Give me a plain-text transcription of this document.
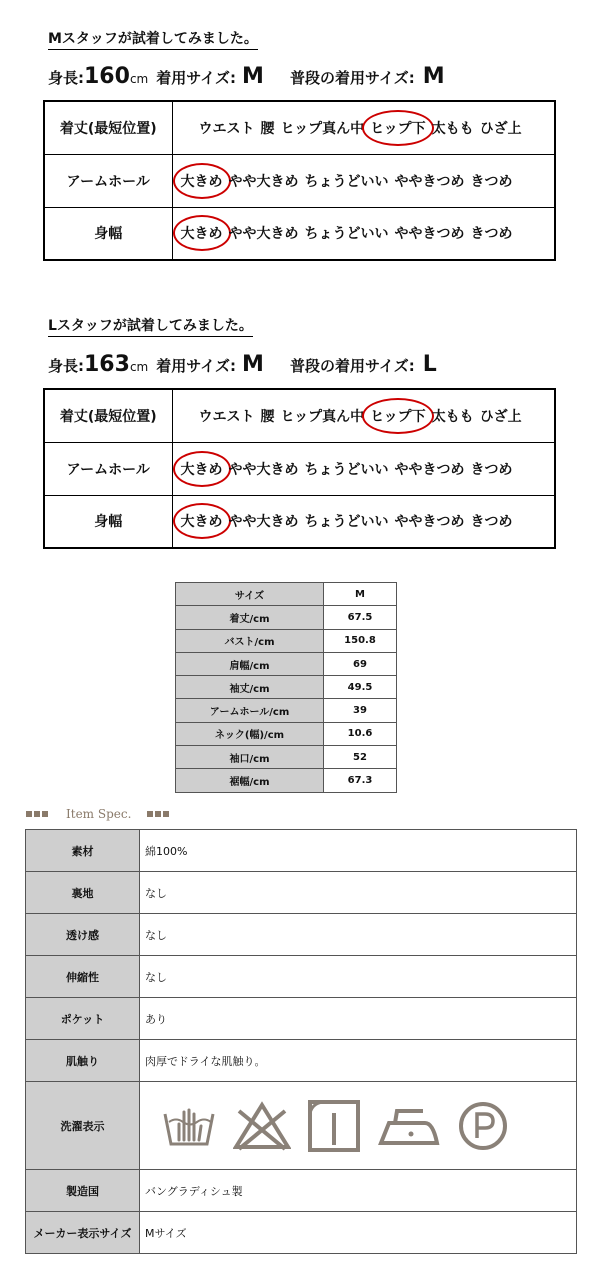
Mスタッフが試着してみました。
身長: 160 cm 着用サイズ: M 普段の着用サイズ: M
着丈(最短位置)	ウエスト 腰 ヒップ真ん中 ヒップ下 太もも ひざ上
アームホール	大きめ やや大きめ ちょうどいい ややきつめ きつめ
身幅	大きめ やや大きめ ちょうどいい ややきつめ きつめ
Lスタッフが試着してみました。
身長: 163 cm 着用サイズ: M 普段の着用サイズ: L
着丈(最短位置)	ウエスト 腰 ヒップ真ん中 ヒップ下 太もも ひざ上
アームホール	大きめ やや大きめ ちょうどいい ややきつめ きつめ
身幅	大きめ やや大きめ ちょうどいい ややきつめ きつめ
サイズ	M
着丈/cm	67.5
バスト/cm	150.8
肩幅/cm	69
袖丈/cm	49.5
アームホール/cm	39
ネック(幅)/cm	10.6
袖口/cm	52
裾幅/cm	67.3
Item Spec.
素材	綿100%
裏地	なし
透け感	なし
伸縮性	なし
ポケット	あり
肌触り	肉厚でドライな肌触り。
洗濯表示	

製造国	バングラディシュ製
メーカー表示サイズ	Mサイズ
